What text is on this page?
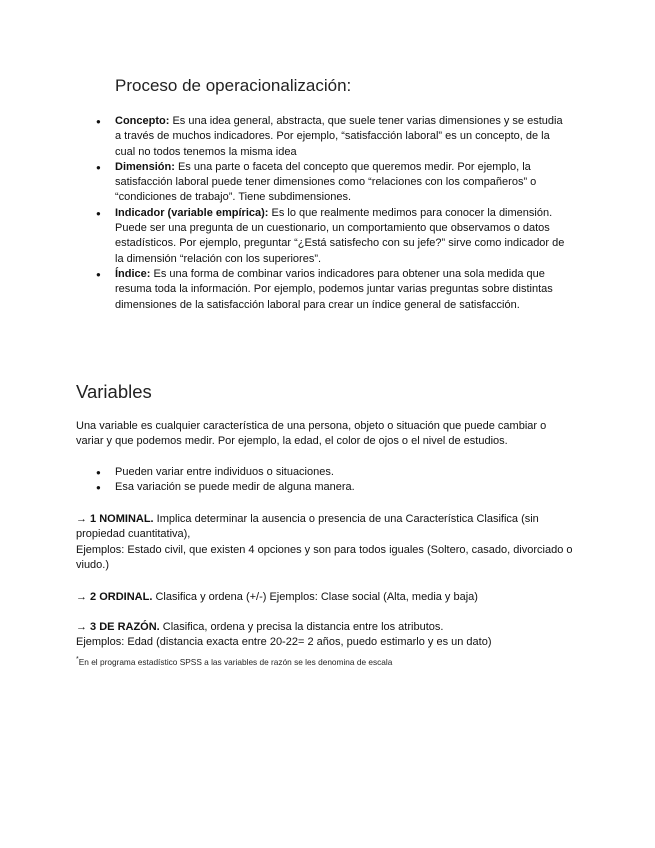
Proceso de operacionalización:
● Concepto: Es una idea general, abstracta, que suele tener varias dimensiones y se estudia a través de muchos indicadores. Por ejemplo, “satisfacción laboral” es un concepto, de la cual no todos tenemos la misma idea
● Dimensión: Es una parte o faceta del concepto que queremos medir. Por ejemplo, la satisfacción laboral puede tener dimensiones como “relaciones con los compañeros” o “condiciones de trabajo”. Tiene subdimensiones.
● Indicador (variable empírica): Es lo que realmente medimos para conocer la dimensión. Puede ser una pregunta de un cuestionario, un comportamiento que observamos o datos estadísticos. Por ejemplo, preguntar “¿Está satisfecho con su jefe?” sirve como indicador de la dimensión “relación con los superiores”.
● Índice: Es una forma de combinar varios indicadores para obtener una sola medida que resuma toda la información. Por ejemplo, podemos juntar varias preguntas sobre distintas dimensiones de la satisfacción laboral para crear un índice general de satisfacción.
Variables

Una variable es cualquier característica de una persona, objeto o situación que puede cambiar o variar y que podemos medir. Por ejemplo, la edad, el color de ojos o el nivel de estudios.

● Pueden variar entre individuos o situaciones.
● Esa variación se puede medir de alguna manera.

→ 1 NOMINAL. Implica determinar la ausencia o presencia de una Característica Clasifica (sin propiedad cuantitativa),
Ejemplos: Estado civil, que existen 4 opciones y son para todos iguales (Soltero, casado, divorciado o viudo.)

→ 2 ORDINAL. Clasifica y ordena (+/-) Ejemplos: Clase social (Alta, media y baja)

→ 3 DE RAZÓN. Clasifica, ordena y precisa la distancia entre los atributos.
Ejemplos: Edad (distancia exacta entre 20-22= 2 años, puedo estimarlo y es un dato)

*En el programa estadístico SPSS a las variables de razón se les denomina de escala
